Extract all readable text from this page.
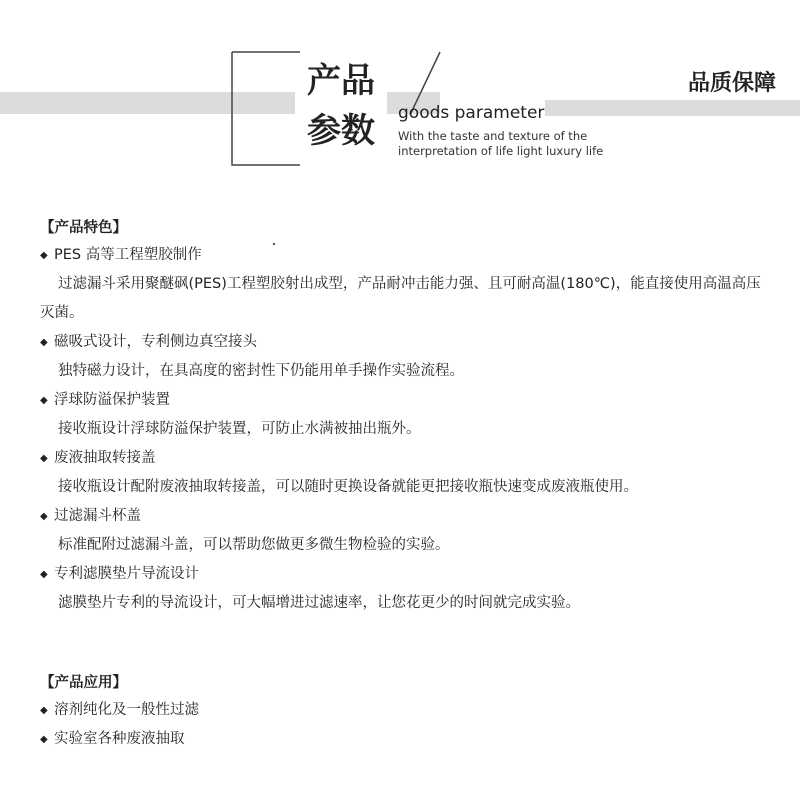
产品
参数	goods parameter
With the taste and texture of the
interpretation of life light luxury life
品质保障
【产品特色】
◆ PES 高等工程塑胶制作
过滤漏斗采用聚醚砜(PES)工程塑胶射出成型，产品耐冲击能力强、且可耐高温(180℃)，能直接使用高温高压灭菌。
◆ 磁吸式设计，专利侧边真空接头
独特磁力设计，在具高度的密封性下仍能用单手操作实验流程。
◆ 浮球防溢保护装置
接收瓶设计浮球防溢保护装置，可防止水满被抽出瓶外。
◆ 废液抽取转接盖
接收瓶设计配附废液抽取转接盖，可以随时更换设备就能更把接收瓶快速变成废液瓶使用。
◆ 过滤漏斗杯盖
标准配附过滤漏斗盖，可以帮助您做更多微生物检验的实验。
◆ 专利滤膜垫片导流设计
滤膜垫片专利的导流设计，可大幅增进过滤速率，让您花更少的时间就完成实验。
【产品应用】
◆ 溶剂纯化及一般性过滤
◆ 实验室各种废液抽取
